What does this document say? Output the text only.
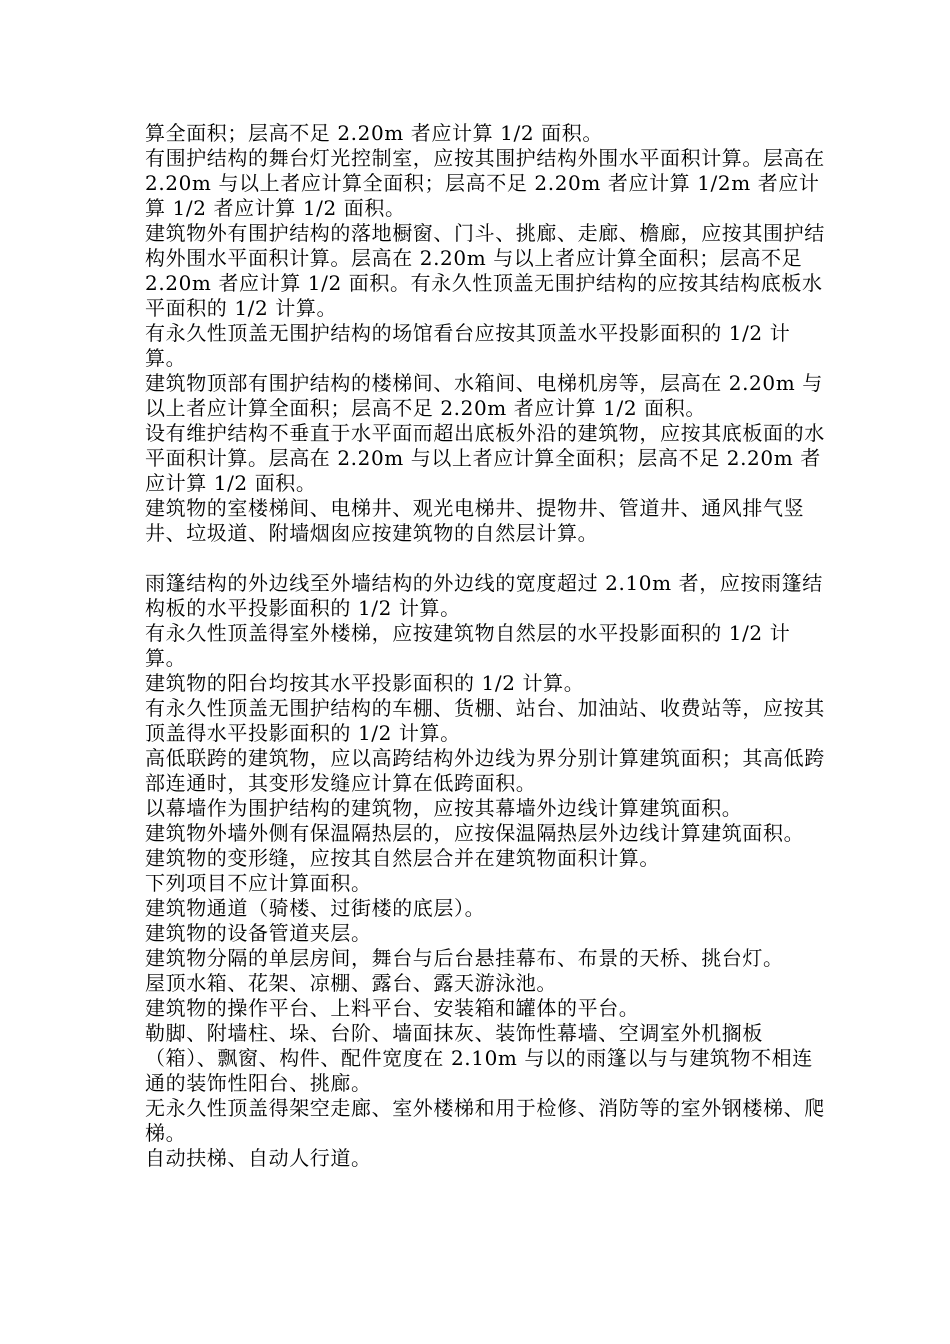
算全面积；层高不足 2.20m 者应计算 1/2 面积。

有围护结构的舞台灯光控制室，应按其围护结构外围水平面积计算。层高在 2.20m 与以上者应计算全面积；层高不足 2.20m 者应计算 1/2m 者应计算 1/2 者应计算 1/2 面积。

建筑物外有围护结构的落地橱窗、门斗、挑廊、走廊、檐廊，应按其围护结构外围水平面积计算。层高在 2.20m 与以上者应计算全面积；层高不足 2.20m 者应计算 1/2 面积。有永久性顶盖无围护结构的应按其结构底板水平面积的 1/2 计算。

有永久性顶盖无围护结构的场馆看台应按其顶盖水平投影面积的 1/2 计算。

建筑物顶部有围护结构的楼梯间、水箱间、电梯机房等，层高在 2.20m 与以上者应计算全面积；层高不足 2.20m 者应计算 1/2 面积。

设有维护结构不垂直于水平面而超出底板外沿的建筑物，应按其底板面的水平面积计算。层高在 2.20m 与以上者应计算全面积；层高不足 2.20m 者应计算 1/2 面积。

建筑物的室楼梯间、电梯井、观光电梯井、提物井、管道井、通风排气竖井、垃圾道、附墙烟囱应按建筑物的自然层计算。

雨篷结构的外边线至外墙结构的外边线的宽度超过 2.10m 者，应按雨篷结构板的水平投影面积的 1/2 计算。

有永久性顶盖得室外楼梯，应按建筑物自然层的水平投影面积的 1/2 计算。

建筑物的阳台均按其水平投影面积的 1/2 计算。

有永久性顶盖无围护结构的车棚、货棚、站台、加油站、收费站等，应按其顶盖得水平投影面积的 1/2 计算。

高低联跨的建筑物，应以高跨结构外边线为界分别计算建筑面积；其高低跨部连通时，其变形发缝应计算在低跨面积。

以幕墙作为围护结构的建筑物，应按其幕墙外边线计算建筑面积。

建筑物外墙外侧有保温隔热层的，应按保温隔热层外边线计算建筑面积。

建筑物的变形缝，应按其自然层合并在建筑物面积计算。

下列项目不应计算面积。

建筑物通道（骑楼、过街楼的底层）。

建筑物的设备管道夹层。

建筑物分隔的单层房间，舞台与后台悬挂幕布、布景的天桥、挑台灯。

屋顶水箱、花架、凉棚、露台、露天游泳池。

建筑物的操作平台、上料平台、安装箱和罐体的平台。

勒脚、附墙柱、垛、台阶、墙面抹灰、装饰性幕墙、空调室外机搁板（箱）、飘窗、构件、配件宽度在 2.10m 与以的雨篷以与与建筑物不相连通的装饰性阳台、挑廊。

无永久性顶盖得架空走廊、室外楼梯和用于检修、消防等的室外钢楼梯、爬梯。

自动扶梯、自动人行道。
